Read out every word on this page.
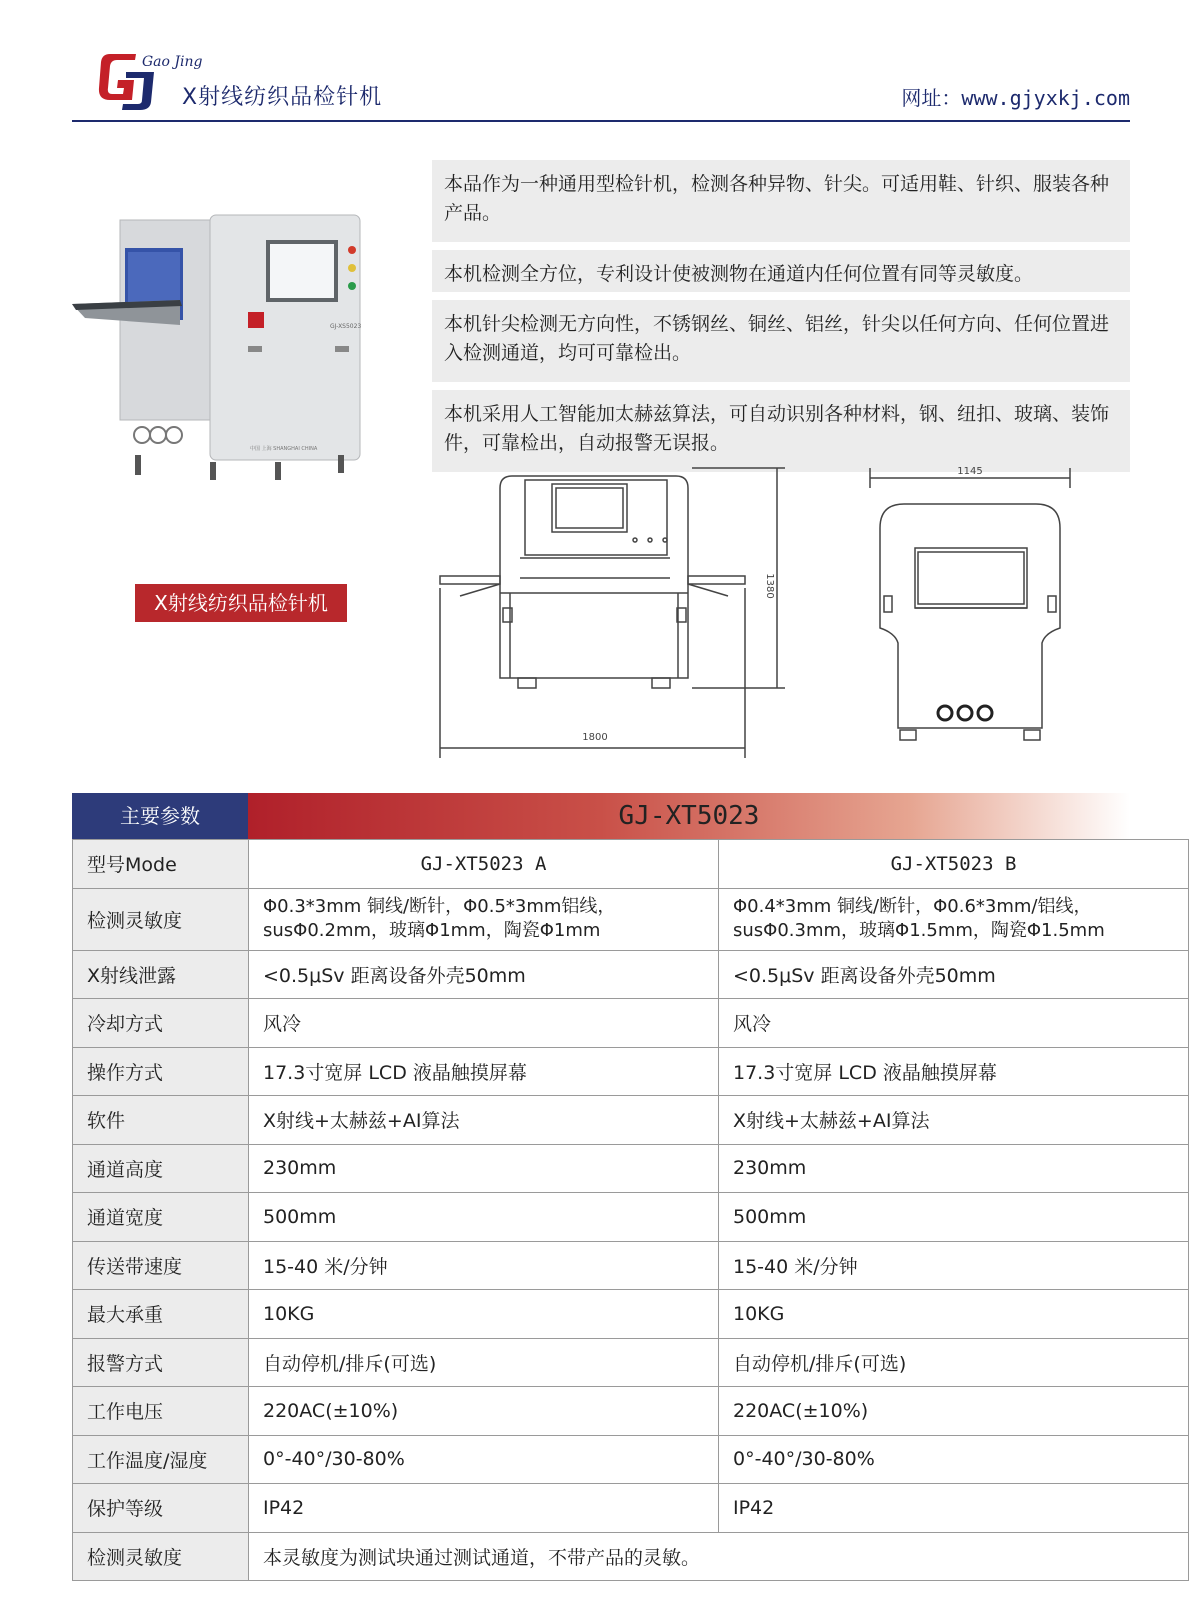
Gao Jing
X射线纺织品检针机	网址：www.gjyxkj.com
GJ-XS5023
中国 上海 SHANGHAI CHINA
X射线纺织品检针机
本品作为一种通用型检针机，检测各种异物、针尖。可适用鞋、针织、服装各种产品。
本机检测全方位，专利设计使被测物在通道内任何位置有同等灵敏度。
本机针尖检测无方向性，不锈钢丝、铜丝、铝丝，针尖以任何方向、任何位置进入检测通道，均可可靠检出。
本机采用人工智能加太赫兹算法，可自动识别各种材料，钢、纽扣、玻璃、装饰件，可靠检出，自动报警无误报。
1800
1380
1145
主要参数	GJ-XT5023
型号Mode	GJ-XT5023 A	GJ-XT5023 B
检测灵敏度	Φ0.3*3mm 铜线/断针，Φ0.5*3mm铝线，susΦ0.2mm，玻璃Φ1mm，陶瓷Φ1mm	Φ0.4*3mm 铜线/断针，Φ0.6*3mm/铝线，susΦ0.3mm，玻璃Φ1.5mm，陶瓷Φ1.5mm
X射线泄露	<0.5μSv 距离设备外壳50mm	<0.5μSv 距离设备外壳50mm
冷却方式	风冷	风冷
操作方式	17.3寸宽屏 LCD 液晶触摸屏幕	17.3寸宽屏 LCD 液晶触摸屏幕
软件	X射线+太赫兹+AI算法	X射线+太赫兹+AI算法
通道高度	230mm	230mm
通道宽度	500mm	500mm
传送带速度	15-40 米/分钟	15-40 米/分钟
最大承重	10KG	10KG
报警方式	自动停机/排斥(可选)	自动停机/排斥(可选)
工作电压	220AC(±10%)	220AC(±10%)
工作温度/湿度	0°-40°/30-80%	0°-40°/30-80%
保护等级	IP42	IP42
检测灵敏度	本灵敏度为测试块通过测试通道，不带产品的灵敏。	
